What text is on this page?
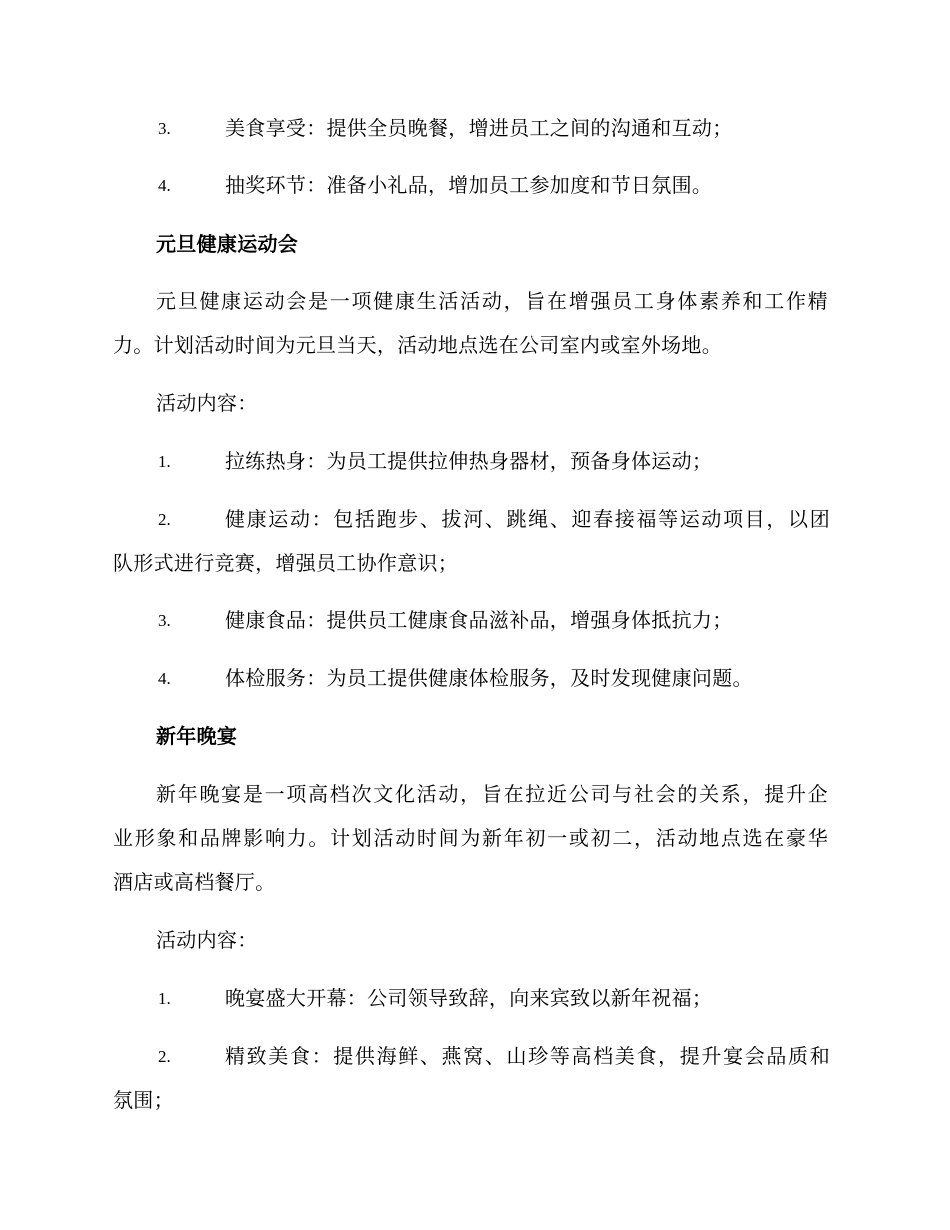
3.	美食享受：提供全员晚餐，增进员工之间的沟通和互动；
4.	抽奖环节：准备小礼品，增加员工参加度和节日氛围。
元旦健康运动会
元旦健康运动会是一项健康生活活动，旨在增强员工身体素养和工作精
力。计划活动时间为元旦当天，活动地点选在公司室内或室外场地。
活动内容：
1.	拉练热身：为员工提供拉伸热身器材，预备身体运动；
2.	健康运动：包括跑步、拔河、跳绳、迎春接福等运动项目，以团
队形式进行竞赛，增强员工协作意识；
3.	健康食品：提供员工健康食品滋补品，增强身体抵抗力；
4.	体检服务：为员工提供健康体检服务，及时发现健康问题。
新年晚宴
新年晚宴是一项高档次文化活动，旨在拉近公司与社会的关系，提升企
业形象和品牌影响力。计划活动时间为新年初一或初二，活动地点选在豪华
酒店或高档餐厅。
活动内容：
1.	晚宴盛大开幕：公司领导致辞，向来宾致以新年祝福；
2.	精致美食：提供海鲜、燕窝、山珍等高档美食，提升宴会品质和
氛围；
